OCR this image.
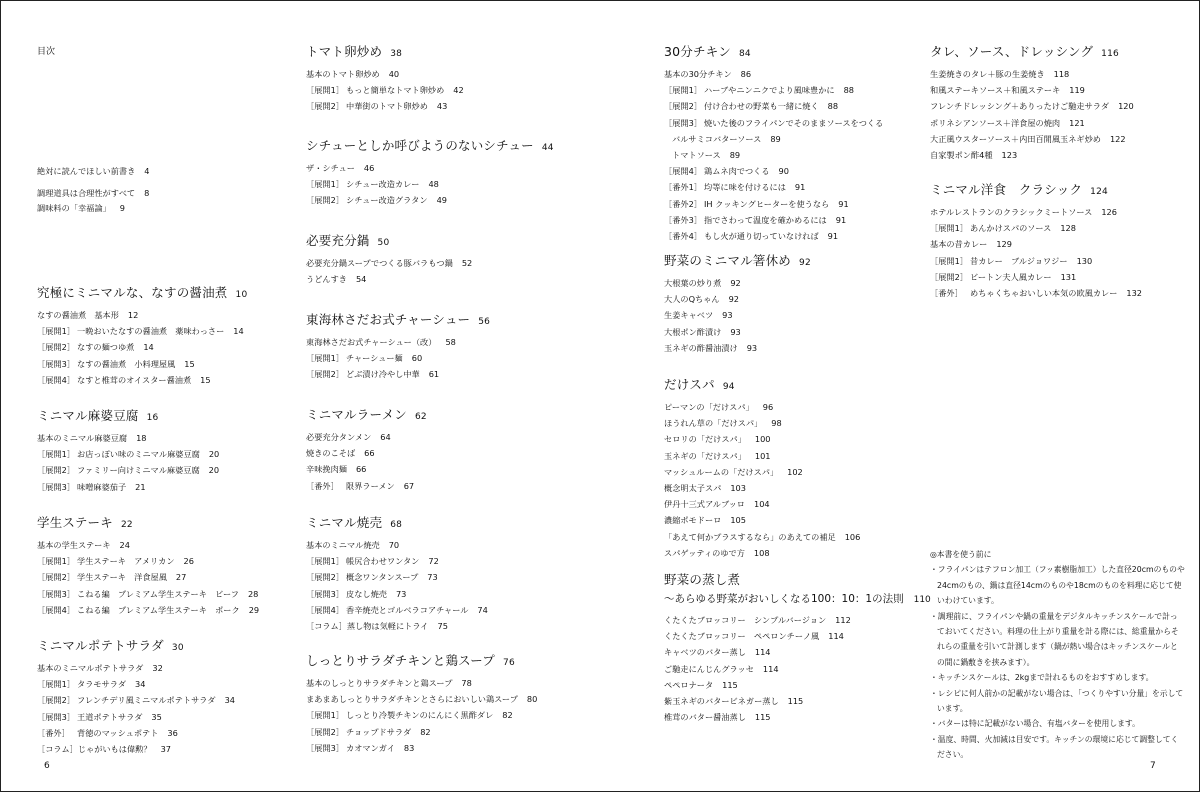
目次
絶対に読んでほしい前書き 4
調理道具は合理性がすべて 8
調味料の「幸福論」 9
究極にミニマルな、なすの醤油煮 10
なすの醤油煮　基本形 12
［展開1］ 一晩おいたなすの醤油煮　薬味わっさー 14
［展開2］ なすの麺つゆ煮 14
［展開3］ なすの醤油煮　小料理屋風 15
［展開4］ なすと椎茸のオイスター醤油煮 15
ミニマル麻婆豆腐 16
基本のミニマル麻婆豆腐 18
［展開1］ お店っぽい味のミニマル麻婆豆腐 20
［展開2］ ファミリー向けミニマル麻婆豆腐 20
［展開3］ 味噌麻婆茄子 21
学生ステーキ 22
基本の学生ステーキ 24
［展開1］ 学生ステーキ　アメリカン 26
［展開2］ 学生ステーキ　洋食屋風 27
［展開3］ こねる編　プレミアム学生ステーキ　ビーフ 28
［展開4］ こねる編　プレミアム学生ステーキ　ポーク 29
ミニマルポテトサラダ 30
基本のミニマルポテトサラダ 32
［展開1］ タラモサラダ 34
［展開2］ フレンチデリ風ミニマルポテトサラダ 34
［展開3］ 王道ポテトサラダ 35
［番外］ 背徳のマッシュポテト 36
［コラム］じゃがいもは偉勲？ 37
トマト卵炒め 38
基本のトマト卵炒め 40
［展開1］ もっと簡単なトマト卵炒め 42
［展開2］ 中華街のトマト卵炒め 43
シチューとしか呼びようのないシチュー 44
ザ・シチュー 46
［展開1］ シチュー改造カレー 48
［展開2］ シチュー改造グラタン 49
必要充分鍋 50
必要充分鍋スープでつくる豚バラもつ鍋 52
うどんすき 54
東海林さだお式チャーシュー 56
東海林さだお式チャーシュー（改） 58
［展開1］ チャーシュー麺 60
［展開2］ どぶ漬け冷やし中華 61
ミニマルラーメン 62
必要充分タンメン 64
焼きのこそば 66
辛味挽肉麺 66
［番外］ 限界ラーメン 67
ミニマル焼売 68
基本のミニマル焼売 70
［展開1］ 帳尻合わせワンタン 72
［展開2］ 概念ワンタンスープ 73
［展開3］ 皮なし焼売 73
［展開4］ 香辛焼売とゴルベラコアチャール 74
［コラム］蒸し物は気軽にトライ 75
しっとりサラダチキンと鶏スープ 76
基本のしっとりサラダチキンと鶏スープ 78
まあまあしっとりサラダチキンとさらにおいしい鶏スープ 80
［展開1］ しっとり冷製チキンのにんにく黒酢ダレ 82
［展開2］ チョップドサラダ 82
［展開3］ カオマンガイ 83
30分チキン 84
基本の30分チキン 86
［展開1］ ハーブやニンニクでより風味豊かに 88
［展開2］ 付け合わせの野菜も一緒に焼く 88
［展開3］ 焼いた後のフライパンでそのままソースをつくる
バルサミコバターソース 89
トマトソース 89
［展開4］ 鶏ムネ肉でつくる 90
［番外1］ 均等に味を付けるには 91
［番外2］ IH クッキングヒーターを使うなら 91
［番外3］ 指でさわって温度を確かめるには 91
［番外4］ もし火が通り切っていなければ 91
野菜のミニマル箸休め 92
大根葉の炒り煮 92
大人のQちゃん 92
生姜キャベツ 93
大根ポン酢漬け 93
玉ネギの酢醤油漬け 93
だけスパ 94
ピーマンの「だけスパ」 96
ほうれん草の「だけスパ」 98
セロリの「だけスパ」 100
玉ネギの「だけスパ」 101
マッシュルームの「だけスパ」 102
概念明太子スパ 103
伊丹十三式アルブッロ 104
濃縮ポモドーロ 105
「あえて何かプラスするなら」のあえての補足 106
スパゲッティのゆで方 108
野菜の蒸し煮
〜あらゆる野菜がおいしくなる100：10：1の法則 110
くたくたブロッコリー　シンプルバージョン 112
くたくたブロッコリー　ペペロンチーノ風 114
キャベツのバター蒸し 114
ご馳走にんじんグラッセ 114
ペペロナータ 115
紫玉ネギのバタービネガー蒸し 115
椎茸のバター醤油蒸し 115
タレ、ソース、ドレッシング 116
生姜焼きのタレ＋豚の生姜焼き 118
和風ステーキソース＋和風ステーキ 119
フレンチドレッシング＋ありったけご馳走サラダ 120
ポリネシアンソース＋洋食屋の焼肉 121
大正風ウスターソース＋内田百閒風玉ネギ炒め 122
自家製ポン酢4種 123
ミニマル洋食　クラシック 124
ホテルレストランのクラシックミートソース 126
［展開1］ あんかけスパのソース 128
基本の昔カレー 129
［展開1］ 昔カレー　ブルジョワジー 130
［展開2］ ビートン夫人風カレー 131
［番外］ めちゃくちゃおいしい本気の欧風カレー 132

◎本書を使う前に

・フライパンはテフロン加工（フッ素樹脂加工）した直径20cmのものや24cmのもの、鍋は直径14cmのものや18cmのものを料理に応じて使いわけています。

・調理前に、フライパンや鍋の重量をデジタルキッチンスケールで計っておいてください。料理の仕上がり重量を計る際には、総重量からそれらの重量を引いて計測します（鍋が熱い場合はキッチンスケールとの間に鍋敷きを挟みます）。

・キッチンスケールは、2kgまで計れるものをおすすめします。

・レシピに何人前かの記載がない場合は、「つくりやすい分量」を示しています。

・バターは特に記載がない場合、有塩バターを使用します。

・温度、時間、火加減は目安です。キッチンの環境に応じて調整してください。

6	7
